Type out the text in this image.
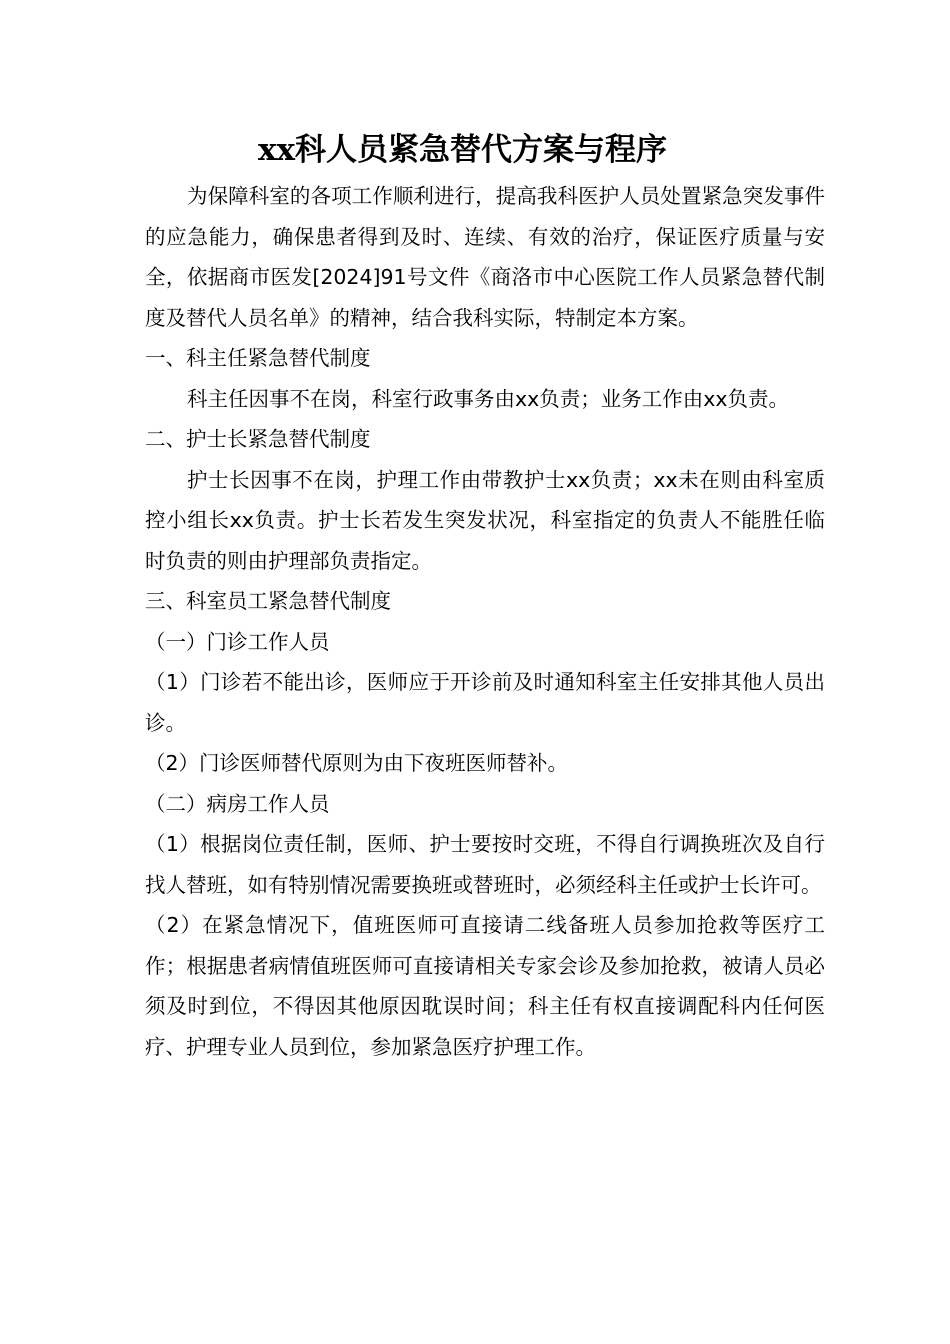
xx科人员紧急替代方案与程序

为保障科室的各项工作顺利进行，提高我科医护人员处置紧急突发事件的应急能力，确保患者得到及时、连续、有效的治疗，保证医疗质量与安全，依据商市医发[2024]91号文件《商洛市中心医院工作人员紧急替代制度及替代人员名单》的精神，结合我科实际，特制定本方案。

一、科主任紧急替代制度

科主任因事不在岗，科室行政事务由xx负责；业务工作由xx负责。

二、护士长紧急替代制度

护士长因事不在岗，护理工作由带教护士xx负责；xx未在则由科室质控小组长xx负责。护士长若发生突发状况，科室指定的负责人不能胜任临时负责的则由护理部负责指定。

三、科室员工紧急替代制度

（一）门诊工作人员

（1）门诊若不能出诊，医师应于开诊前及时通知科室主任安排其他人员出诊。

（2）门诊医师替代原则为由下夜班医师替补。

（二）病房工作人员

（1）根据岗位责任制，医师、护士要按时交班，不得自行调换班次及自行找人替班，如有特别情况需要换班或替班时，必须经科主任或护士长许可。

（2）在紧急情况下，值班医师可直接请二线备班人员参加抢救等医疗工作；根据患者病情值班医师可直接请相关专家会诊及参加抢救，被请人员必须及时到位，不得因其他原因耽误时间；科主任有权直接调配科内任何医疗、护理专业人员到位，参加紧急医疗护理工作。
